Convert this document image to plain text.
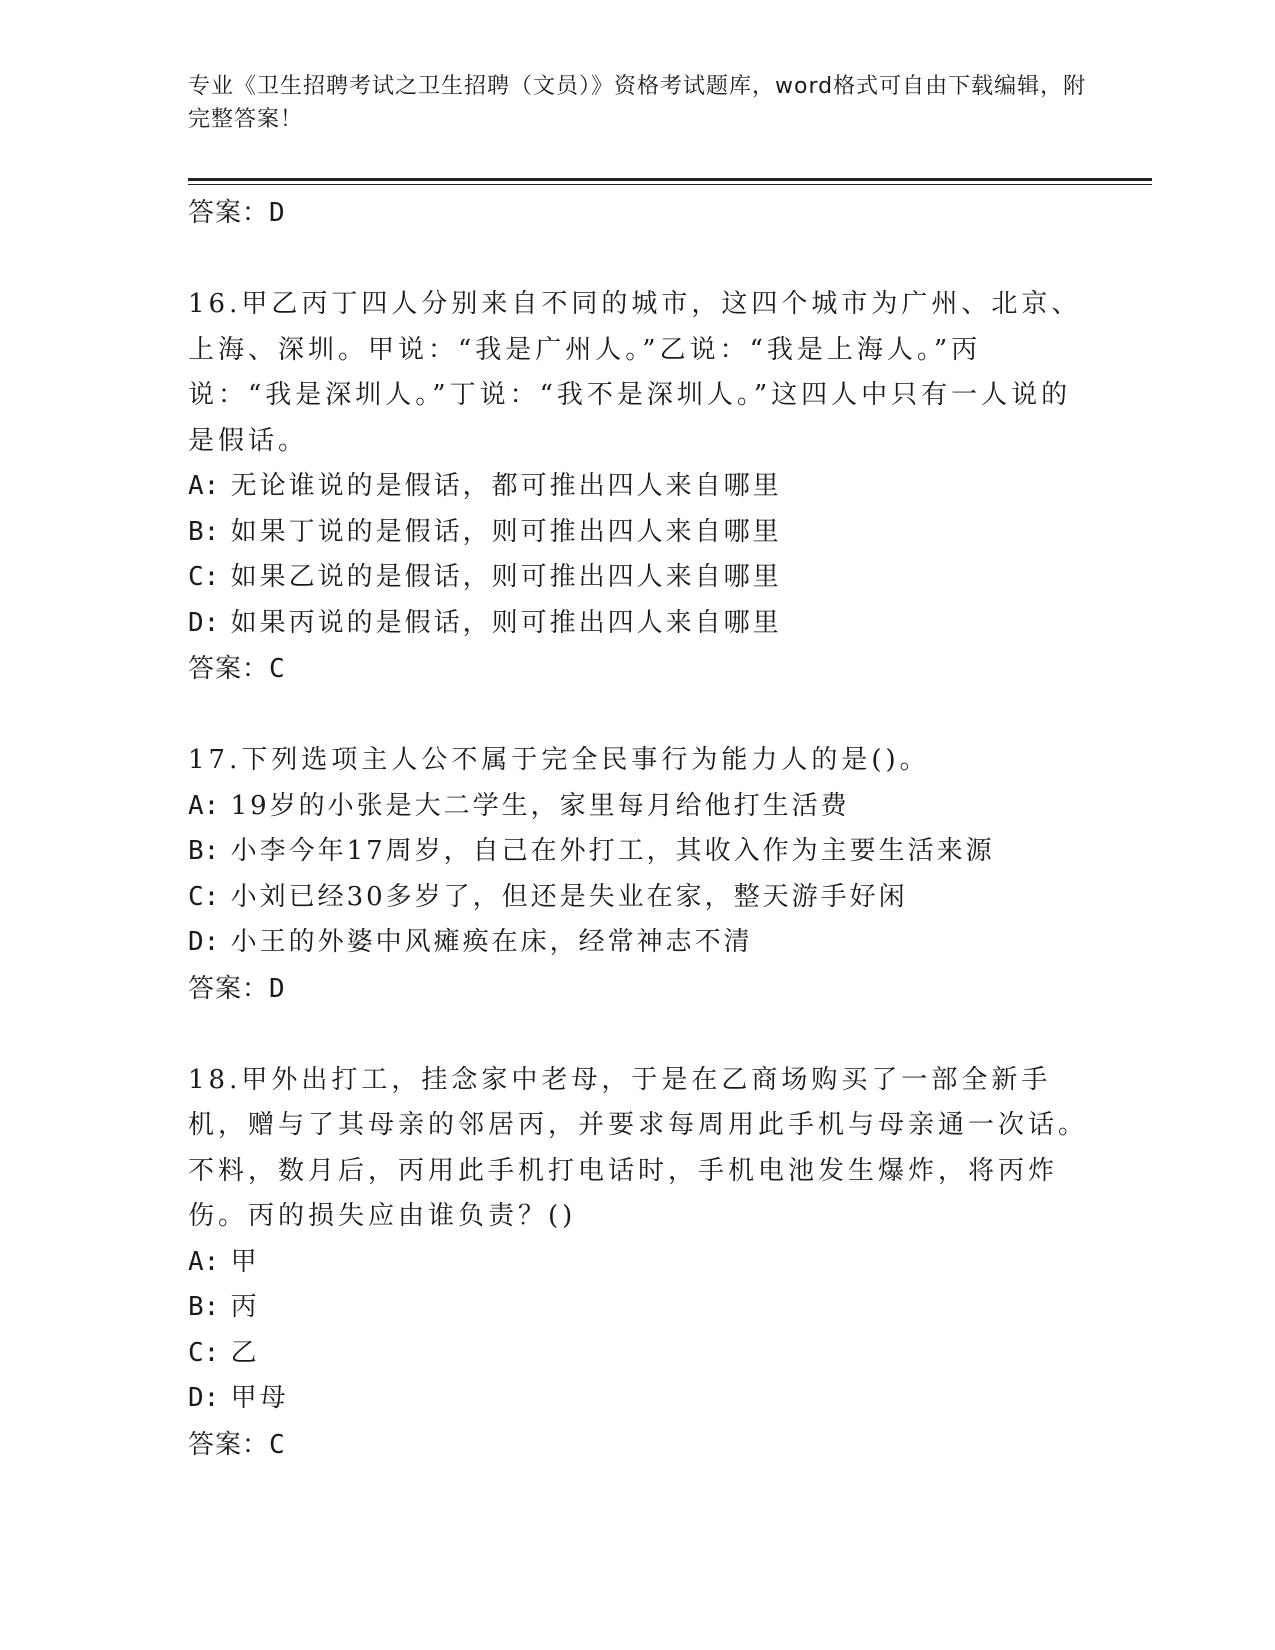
专业《卫生招聘考试之卫生招聘（文员）》资格考试题库，word格式可自由下载编辑，附完整答案！
答案：D
16.甲乙丙丁四人分别来自不同的城市，这四个城市为广州、北京、上海、深圳。甲说：“我是广州人。”乙说：“我是上海人。”丙说：“我是深圳人。”丁说：“我不是深圳人。”这四人中只有一人说的是假话。
A: 无论谁说的是假话，都可推出四人来自哪里
B: 如果丁说的是假话，则可推出四人来自哪里
C: 如果乙说的是假话，则可推出四人来自哪里
D: 如果丙说的是假话，则可推出四人来自哪里
答案：C
17.下列选项主人公不属于完全民事行为能力人的是()。
A: 19岁的小张是大二学生，家里每月给他打生活费
B: 小李今年17周岁，自己在外打工，其收入作为主要生活来源
C: 小刘已经30多岁了，但还是失业在家，整天游手好闲
D: 小王的外婆中风瘫痪在床，经常神志不清
答案：D
18.甲外出打工，挂念家中老母，于是在乙商场购买了一部全新手机，赠与了其母亲的邻居丙，并要求每周用此手机与母亲通一次话。不料，数月后，丙用此手机打电话时，手机电池发生爆炸，将丙炸伤。丙的损失应由谁负责？()
A: 甲
B: 丙
C: 乙
D: 甲母
答案：C
